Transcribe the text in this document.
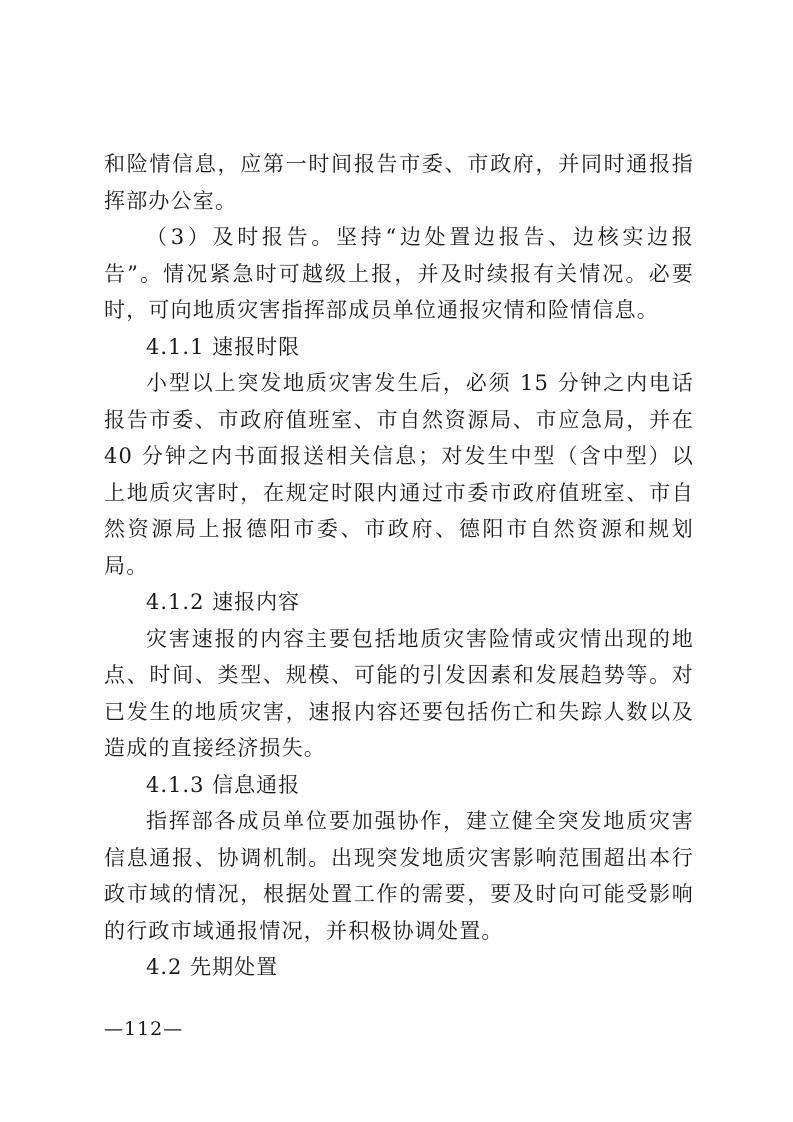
和险情信息，应第一时间报告市委、市政府，并同时通报指挥部办公室。

（3）及时报告。坚持“边处置边报告、边核实边报告”。情况紧急时可越级上报，并及时续报有关情况。必要时，可向地质灾害指挥部成员单位通报灾情和险情信息。

4.1.1 速报时限

小型以上突发地质灾害发生后，必须 15 分钟之内电话报告市委、市政府值班室、市自然资源局、市应急局，并在 40 分钟之内书面报送相关信息；对发生中型（含中型）以上地质灾害时，在规定时限内通过市委市政府值班室、市自然资源局上报德阳市委、市政府、德阳市自然资源和规划局。

4.1.2 速报内容

灾害速报的内容主要包括地质灾害险情或灾情出现的地点、时间、类型、规模、可能的引发因素和发展趋势等。对已发生的地质灾害，速报内容还要包括伤亡和失踪人数以及造成的直接经济损失。

4.1.3 信息通报

指挥部各成员单位要加强协作，建立健全突发地质灾害信息通报、协调机制。出现突发地质灾害影响范围超出本行政市域的情况，根据处置工作的需要，要及时向可能受影响的行政市域通报情况，并积极协调处置。

4.2 先期处置

—112—
